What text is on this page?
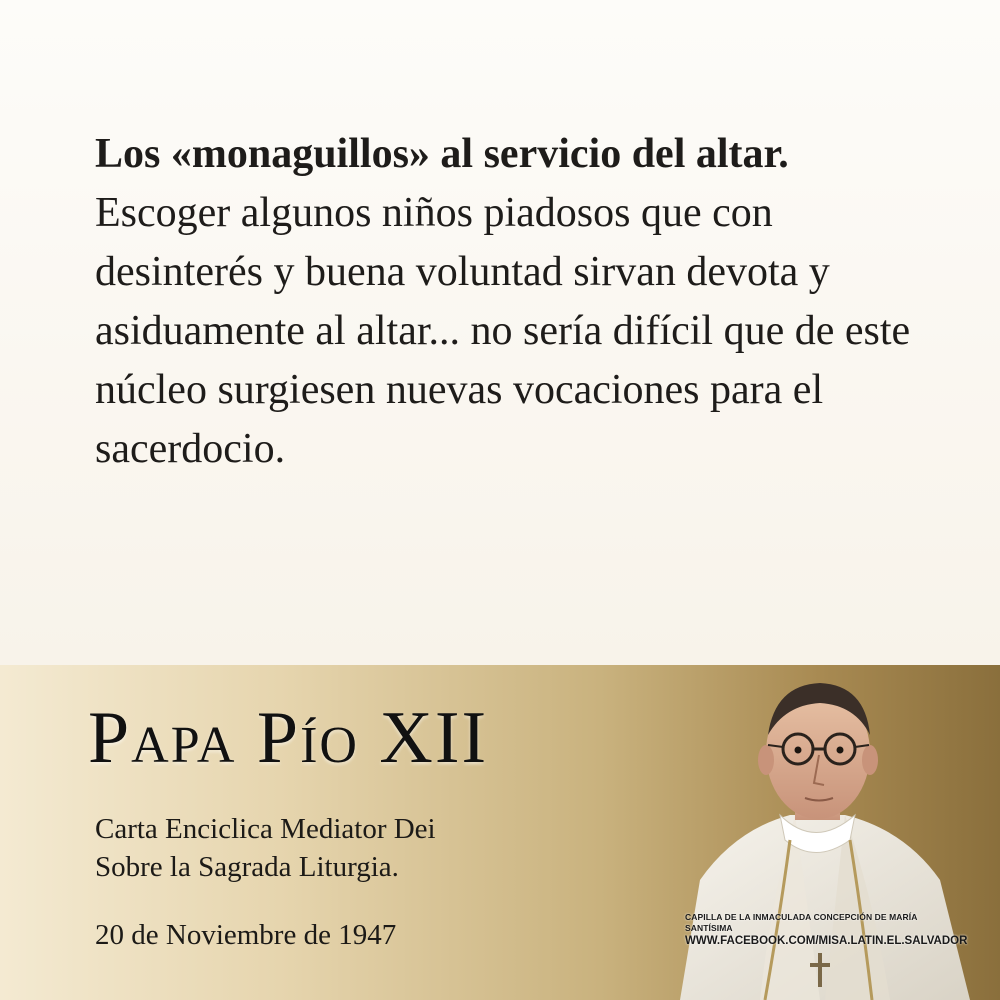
Los «monaguillos» al servicio del altar.
Escoger algunos niños piadosos que con desinterés y buena voluntad sirvan devota y asiduamente al altar... no sería difícil que de este núcleo surgiesen nuevas vocaciones para el sacerdocio.
Papa Pío XII
Carta Enciclica Mediator Dei
Sobre la Sagrada Liturgia.
20 de Noviembre de 1947
CAPILLA DE LA INMACULADA CONCEPCIÓN DE MARÍA SANTÍSIMA
WWW.FACEBOOK.COM/MISA.LATIN.EL.SALVADOR
